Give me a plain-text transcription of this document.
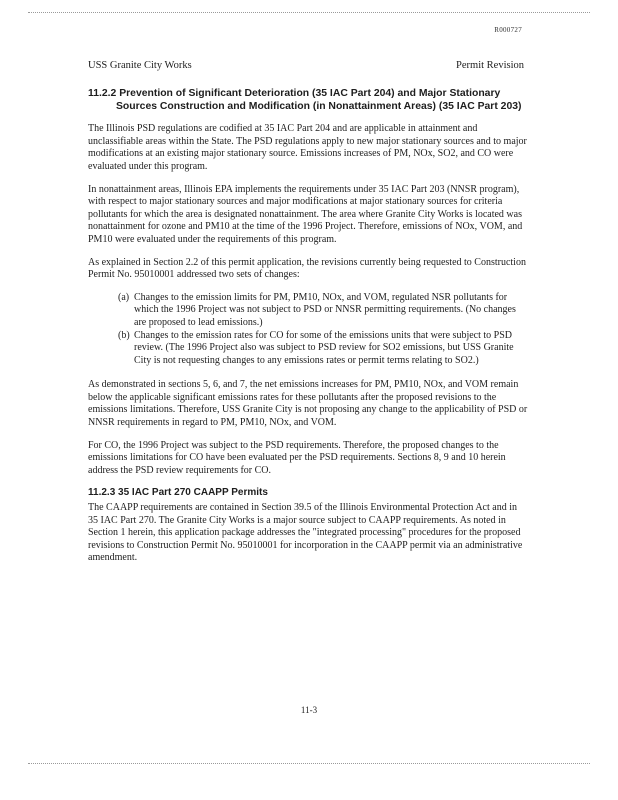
R000727
USS Granite City Works	Permit Revision
11.2.2 Prevention of Significant Deterioration (35 IAC Part 204) and Major Stationary Sources Construction and Modification (in Nonattainment Areas) (35 IAC Part 203)

The Illinois PSD regulations are codified at 35 IAC Part 204 and are applicable in attainment and unclassifiable areas within the State. The PSD regulations apply to new major stationary sources and to major modifications at an existing major stationary source. Emissions increases of PM, NOx, SO2, and CO were evaluated under this program.

In nonattainment areas, Illinois EPA implements the requirements under 35 IAC Part 203 (NNSR program), with respect to major stationary sources and major modifications at major stationary sources for criteria pollutants for which the area is designated nonattainment. The area where Granite City Works is located was nonattainment for ozone and PM10 at the time of the 1996 Project. Therefore, emissions of NOx, VOM, and PM10 were evaluated under the requirements of this program.

As explained in Section 2.2 of this permit application, the revisions currently being requested to Construction Permit No. 95010001 addressed two sets of changes:

(a) Changes to the emission limits for PM, PM10, NOx, and VOM, regulated NSR pollutants for which the 1996 Project was not subject to PSD or NNSR permitting requirements. (No changes are proposed to lead emissions.)
(b) Changes to the emission rates for CO for some of the emissions units that were subject to PSD review. (The 1996 Project also was subject to PSD review for SO2 emissions, but USS Granite City is not requesting changes to any emissions rates or permit terms relating to SO2.)

As demonstrated in sections 5, 6, and 7, the net emissions increases for PM, PM10, NOx, and VOM remain below the applicable significant emissions rates for these pollutants after the proposed revisions to the emissions limitations. Therefore, USS Granite City is not proposing any change to the applicability of PSD or NNSR requirements in regard to PM, PM10, NOx, and VOM.

For CO, the 1996 Project was subject to the PSD requirements. Therefore, the proposed changes to the emissions limitations for CO have been evaluated per the PSD requirements. Sections 8, 9 and 10 herein address the PSD review requirements for CO.

11.2.3 35 IAC Part 270 CAAPP Permits

The CAAPP requirements are contained in Section 39.5 of the Illinois Environmental Protection Act and in 35 IAC Part 270. The Granite City Works is a major source subject to CAAPP requirements. As noted in Section 1 herein, this application package addresses the "integrated processing" procedures for the proposed revisions to Construction Permit No. 95010001 for incorporation in the CAAPP permit via an administrative amendment.

11-3
